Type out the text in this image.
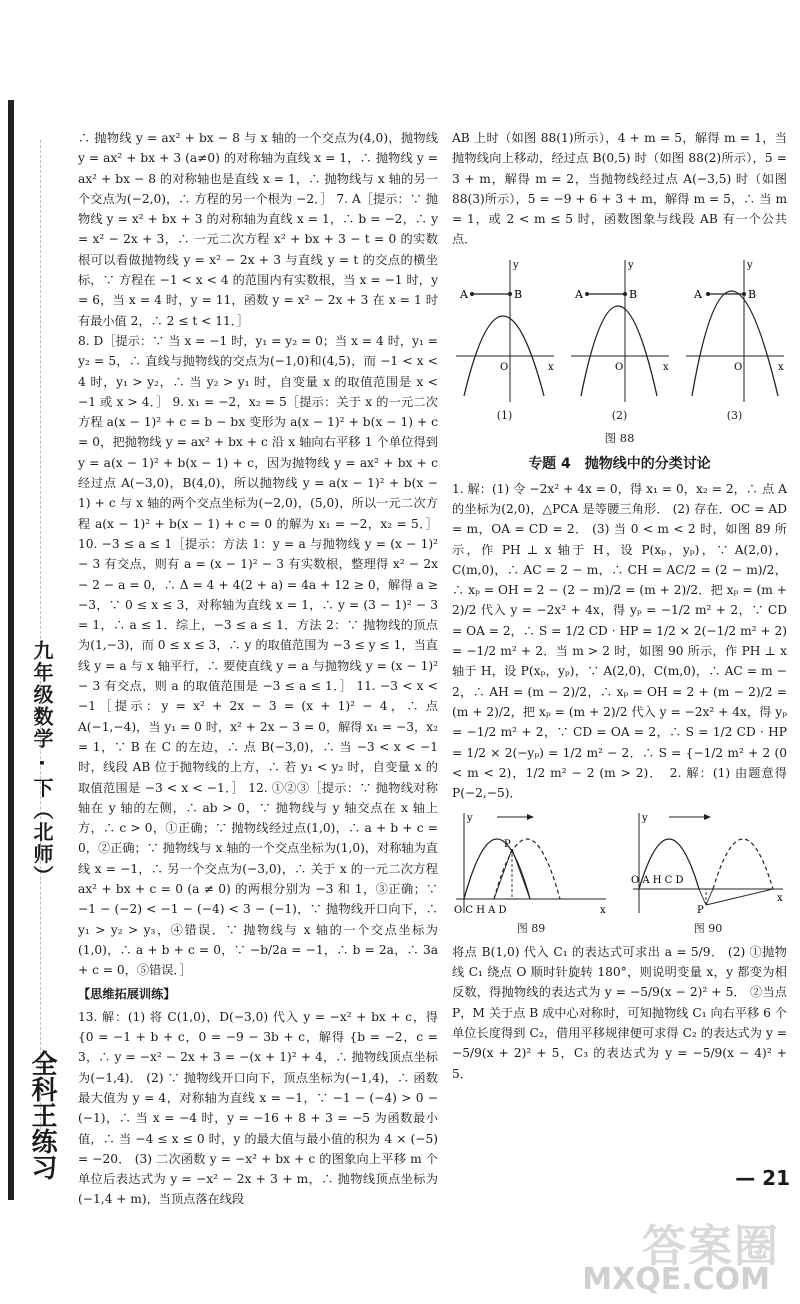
九年级数学 · 下（北师）
全科王练习

∴ 抛物线 y = ax² + bx − 8 与 x 轴的一个交点为(4,0)，抛物线 y = ax² + bx + 3 (a≠0) 的对称轴为直线 x = 1，∴ 抛物线 y = ax² + bx − 8 的对称轴也是直线 x = 1，∴ 抛物线与 x 轴的另一个交点为(−2,0)，∴ 方程的另一个根为 −2．］ 7. A［提示：∵ 抛物线 y = x² + bx + 3 的对称轴为直线 x = 1，∴ b = −2，∴ y = x² − 2x + 3，∴ 一元二次方程 x² + bx + 3 − t = 0 的实数根可以看做抛物线 y = x² − 2x + 3 与直线 y = t 的交点的横坐标，∵ 方程在 −1 < x < 4 的范围内有实数根，当 x = −1 时，y = 6，当 x = 4 时，y = 11，函数 y = x² − 2x + 3 在 x = 1 时有最小值 2，∴ 2 ≤ t < 11．］

8. D［提示：∵ 当 x = −1 时，y₁ = y₂ = 0；当 x = 4 时，y₁ = y₂ = 5，∴ 直线与抛物线的交点为(−1,0)和(4,5)，而 −1 < x < 4 时，y₁ > y₂，∴ 当 y₂ > y₁ 时，自变量 x 的取值范围是 x < −1 或 x > 4．］ 9. x₁ = −2，x₂ = 5［提示：关于 x 的一元二次方程 a(x − 1)² + c = b − bx 变形为 a(x − 1)² + b(x − 1) + c = 0，把抛物线 y = ax² + bx + c 沿 x 轴向右平移 1 个单位得到 y = a(x − 1)² + b(x − 1) + c，因为抛物线 y = ax² + bx + c 经过点 A(−3,0)，B(4,0)，所以抛物线 y = a(x − 1)² + b(x − 1) + c 与 x 轴的两个交点坐标为(−2,0)，(5,0)，所以一元二次方程 a(x − 1)² + b(x − 1) + c = 0 的解为 x₁ = −2，x₂ = 5．］ 10. −3 ≤ a ≤ 1［提示：方法 1：y = a 与抛物线 y = (x − 1)² − 3 有交点，则有 a = (x − 1)² − 3 有实数根，整理得 x² − 2x − 2 − a = 0，∴ Δ = 4 + 4(2 + a) = 4a + 12 ≥ 0，解得 a ≥ −3，∵ 0 ≤ x ≤ 3，对称轴为直线 x = 1，∴ y = (3 − 1)² − 3 = 1，∴ a ≤ 1．综上，−3 ≤ a ≤ 1．方法 2：∵ 抛物线的顶点为(1,−3)，而 0 ≤ x ≤ 3，∴ y 的取值范围为 −3 ≤ y ≤ 1，当直线 y = a 与 x 轴平行，∴ 要使直线 y = a 与抛物线 y = (x − 1)² − 3 有交点，则 a 的取值范围是 −3 ≤ a ≤ 1．］ 11. −3 < x < −1［提示：y = x² + 2x − 3 = (x + 1)² − 4，∴ 点 A(−1,−4)，当 y₁ = 0 时，x² + 2x − 3 = 0，解得 x₁ = −3，x₂ = 1，∵ B 在 C 的左边，∴ 点 B(−3,0)，∴ 当 −3 < x < −1 时，线段 AB 位于抛物线的上方，∴ 若 y₁ < y₂ 时，自变量 x 的取值范围是 −3 < x < −1．］ 12. ①②③［提示：∵ 抛物线对称轴在 y 轴的左侧，∴ ab > 0，∵ 抛物线与 y 轴交点在 x 轴上方，∴ c > 0，①正确；∵ 抛物线经过点(1,0)，∴ a + b + c = 0，②正确；∵ 抛物线与 x 轴的一个交点坐标为(1,0)，对称轴为直线 x = −1，∴ 另一个交点为(−3,0)，∴ 关于 x 的一元二次方程 ax² + bx + c = 0 (a ≠ 0) 的两根分别为 −3 和 1，③正确；∵ −1 − (−2) < −1 − (−4) < 3 − (−1)，∵ 抛物线开口向下，∴ y₁ > y₂ > y₃，④错误．∵ 抛物线与 x 轴的一个交点坐标为(1,0)，∴ a + b + c = 0，∵ −b/2a = −1，∴ b = 2a，∴ 3a + c = 0，⑤错误．］

【思维拓展训练】

13. 解：(1) 将 C(1,0)，D(−3,0) 代入 y = −x² + bx + c，得 {0 = −1 + b + c，0 = −9 − 3b + c，解得 {b = −2，c = 3，∴ y = −x² − 2x + 3 = −(x + 1)² + 4，∴ 抛物线顶点坐标为(−1,4)． (2) ∵ 抛物线开口向下，顶点坐标为(−1,4)，∴ 函数最大值为 y = 4，对称轴为直线 x = −1，∵ −1 − (−4) > 0 − (−1)，∴ 当 x = −4 时，y = −16 + 8 + 3 = −5 为函数最小值，∴ 当 −4 ≤ x ≤ 0 时，y 的最大值与最小值的积为 4 × (−5) = −20． (3) 二次函数 y = −x² + bx + c 的图象向上平移 m 个单位后表达式为 y = −x² − 2x + 3 + m，∴ 抛物线顶点坐标为(−1,4 + m)，当顶点落在线段

AB 上时（如图 88(1)所示），4 + m = 5，解得 m = 1，当抛物线向上移动，经过点 B(0,5) 时（如图 88(2)所示），5 = 3 + m，解得 m = 2，当抛物线经过点 A(−3,5) 时（如图 88(3)所示），5 = −9 + 6 + 3 + m，解得 m = 5，∴ 当 m = 1，或 2 < m ≤ 5 时，函数图象与线段 AB 有一个公共点．

A	B
O	x
y
(1)
A	B
O	x
y
(2)
A	B
O	x
y
(3)
图 88
专题 4　抛物线中的分类讨论

1. 解：(1) 令 −2x² + 4x = 0，得 x₁ = 0，x₂ = 2，∴ 点 A 的坐标为(2,0)，△PCA 是等腰三角形． (2) 存在．OC = AD = m，OA = CD = 2． (3) 当 0 < m < 2 时，如图 89 所示，作 PH ⊥ x 轴于 H，设 P(xₚ，yₚ)，∵ A(2,0)，C(m,0)，∴ AC = 2 − m，∴ CH = AC/2 = (2 − m)/2，∴ xₚ = OH = 2 − (2 − m)/2 = (m + 2)/2．把 xₚ = (m + 2)/2 代入 y = −2x² + 4x，得 yₚ = −1/2 m² + 2，∵ CD = OA = 2，∴ S = 1/2 CD · HP = 1/2 × 2(−1/2 m² + 2) = −1/2 m² + 2．当 m > 2 时，如图 90 所示，作 PH ⊥ x 轴于 H，设 P(xₚ，yₚ)，∵ A(2,0)，C(m,0)，∴ AC = m − 2，∴ AH = (m − 2)/2，∴ xₚ = OH = 2 + (m − 2)/2 = (m + 2)/2，把 xₚ = (m + 2)/2 代入 y = −2x² + 4x，得 yₚ = −1/2 m² + 2，∵ CD = OA = 2，∴ S = 1/2 CD · HP = 1/2 × 2(−yₚ) = 1/2 m² − 2．∴ S = {−1/2 m² + 2 (0 < m < 2)，1/2 m² − 2 (m > 2)．　2. 解：(1) 由题意得 P(−2,−5)．

P
O C H A D	x
y
图 89
P
O A H C D
x
y
图 90

将点 B(1,0) 代入 C₁ 的表达式可求出 a = 5/9． (2) ①抛物线 C₁ 绕点 O 顺时针旋转 180°，则说明变量 x，y 都变为相反数，得抛物线的表达式为 y = −5/9(x − 2)² + 5． ②当点 P，M 关于点 B 成中心对称时，可知抛物线 C₁ 向右平移 6 个单位长度得到 C₂，借用平移规律便可求得 C₂ 的表达式为 y = −5/9(x + 2)² + 5，C₃ 的表达式为 y = −5/9(x − 4)² + 5．

— 21
答案圈
MXQE.COM
